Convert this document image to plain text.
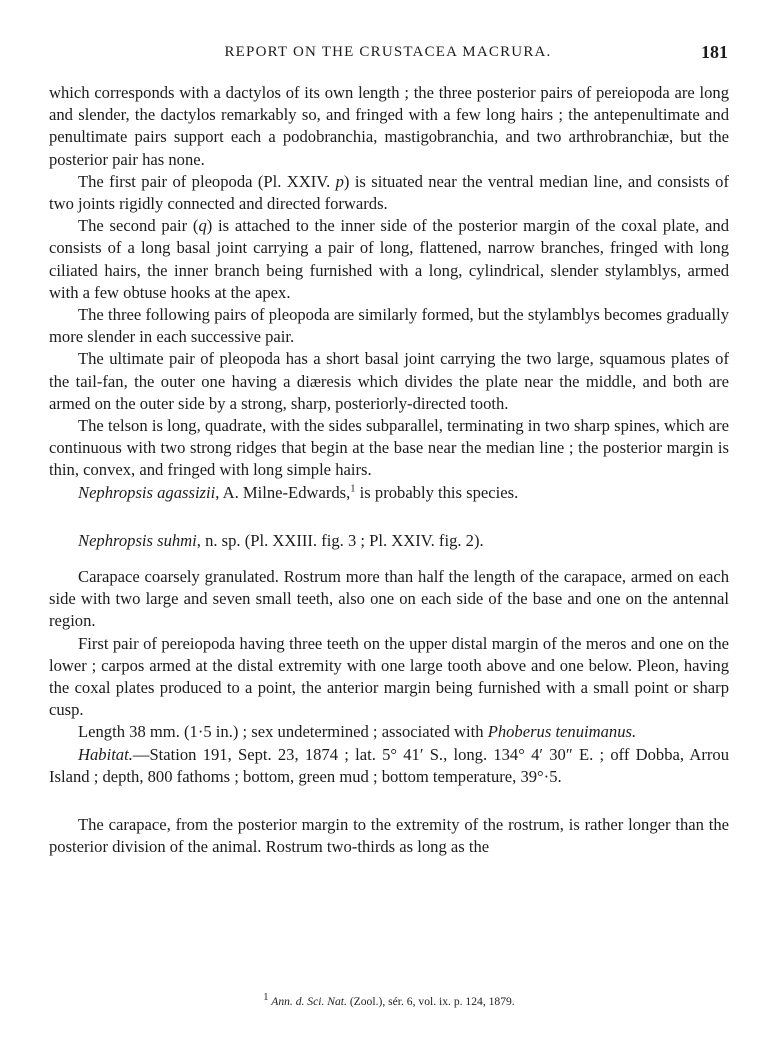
REPORT ON THE CRUSTACEA MACRURA.	181

which corresponds with a dactylos of its own length ; the three posterior pairs of pereiopoda are long and slender, the dactylos remarkably so, and fringed with a few long hairs ; the antepenultimate and penultimate pairs support each a podobranchia, mastigobranchia, and two arthrobranchiæ, but the posterior pair has none.

The first pair of pleopoda (Pl. XXIV. p) is situated near the ventral median line, and consists of two joints rigidly connected and directed forwards.

The second pair (q) is attached to the inner side of the posterior margin of the coxal plate, and consists of a long basal joint carrying a pair of long, flattened, narrow branches, fringed with long ciliated hairs, the inner branch being furnished with a long, cylindrical, slender stylamblys, armed with a few obtuse hooks at the apex.

The three following pairs of pleopoda are similarly formed, but the stylamblys becomes gradually more slender in each successive pair.

The ultimate pair of pleopoda has a short basal joint carrying the two large, squamous plates of the tail-fan, the outer one having a diæresis which divides the plate near the middle, and both are armed on the outer side by a strong, sharp, posteriorly-directed tooth.

The telson is long, quadrate, with the sides subparallel, terminating in two sharp spines, which are continuous with two strong ridges that begin at the base near the median line ; the posterior margin is thin, convex, and fringed with long simple hairs.

Nephropsis agassizii, A. Milne-Edwards,$^1$ is probably this species.

Nephropsis suhmi, n. sp. (Pl. XXIII. fig. 3 ; Pl. XXIV. fig. 2).

Carapace coarsely granulated. Rostrum more than half the length of the carapace, armed on each side with two large and seven small teeth, also one on each side of the base and one on the antennal region.

First pair of pereiopoda having three teeth on the upper distal margin of the meros and one on the lower ; carpos armed at the distal extremity with one large tooth above and one below. Pleon, having the coxal plates produced to a point, the anterior margin being furnished with a small point or sharp cusp.

Length 38 mm. (1·5 in.) ; sex undetermined ; associated with Phoberus tenuimanus.

Habitat.—Station 191, Sept. 23, 1874 ; lat. 5° 41′ S., long. 134° 4′ 30″ E. ; off Dobba, Arrou Island ; depth, 800 fathoms ; bottom, green mud ; bottom temperature, 39°·5.

The carapace, from the posterior margin to the extremity of the rostrum, is rather longer than the posterior division of the animal. Rostrum two-thirds as long as the

$^1$ Ann. d. Sci. Nat. (Zool.), sér. 6, vol. ix. p. 124, 1879.
